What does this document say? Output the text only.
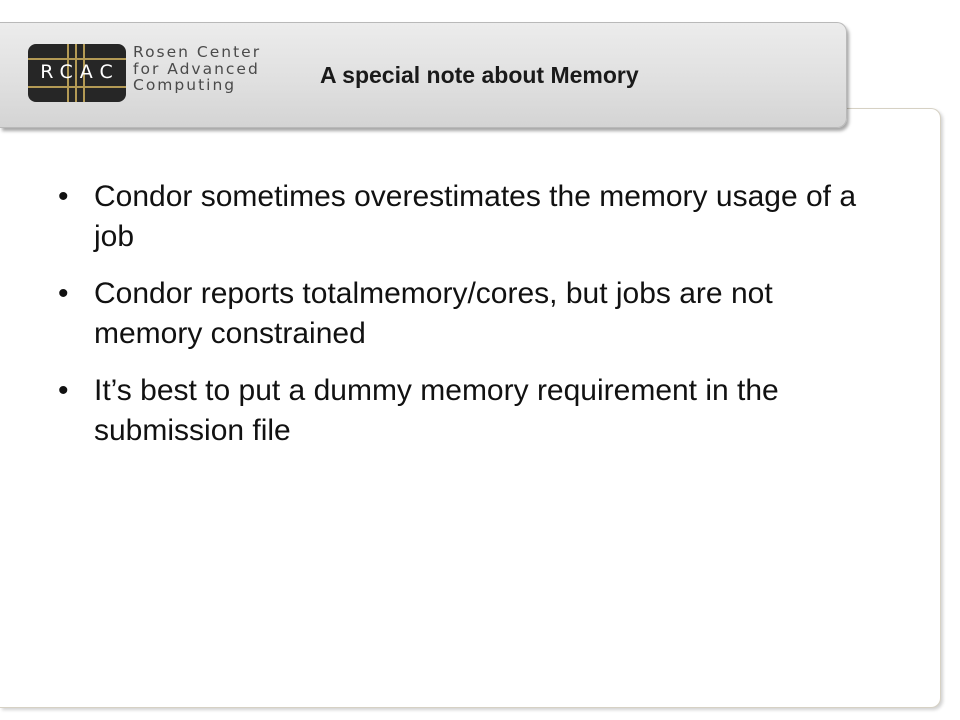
RCAC
Rosen Center
for Advanced
Computing	A special note about Memory
• Condor sometimes overestimates the memory usage of a job
• Condor reports totalmemory/cores, but jobs are not memory constrained
• It’s best to put a dummy memory requirement in the submission file
